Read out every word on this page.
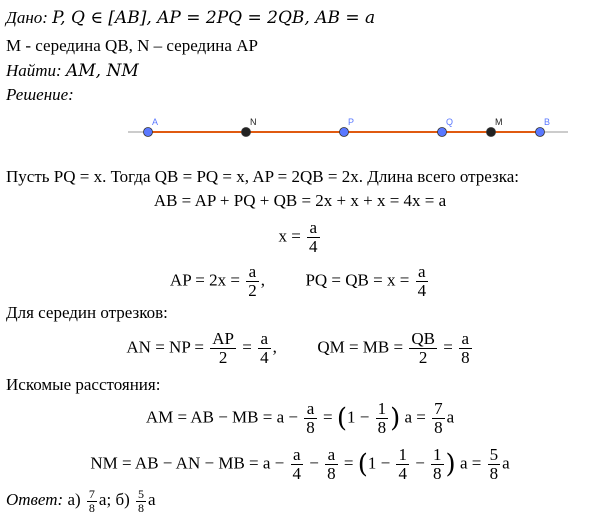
Дано: P, Q ∈ [AB], AP = 2PQ = 2QB, AB = a
M - середина QB, N – середина AP
Найти: AM, NM
Решение:
A	N	P	Q	M	B
Пусть PQ = x. Тогда QB = PQ = x, AP = 2QB = 2x. Длина всего отрезка:
AB = AP + PQ + QB = 2x + x + x = 4x = a
$x = \frac{a}{4}$
AP = $2x = \frac{a}{2}$ , PQ = QB = $x = \frac{a}{4}$
Для середин отрезков:
AN = NP = $\frac{AP}{2} = \frac{a}{4}$ , QM = MB = $\frac{QB}{2} = \frac{a}{8}$
Искомые расстояния:
AM = AB − MB = $a - \frac{a}{8} = (1 - \frac{1}{8}$ ) $a = \frac{7}{8}$ a
NM = AB − AN − MB = $a - \frac{a}{4} - \frac{a}{8} = (1 - \frac{1}{4} - \frac{1}{8}$ ) $a = \frac{5}{8}$ a
Ответ: $а) \frac{7}{8} a$; $б) \frac{5}{8}$ a
